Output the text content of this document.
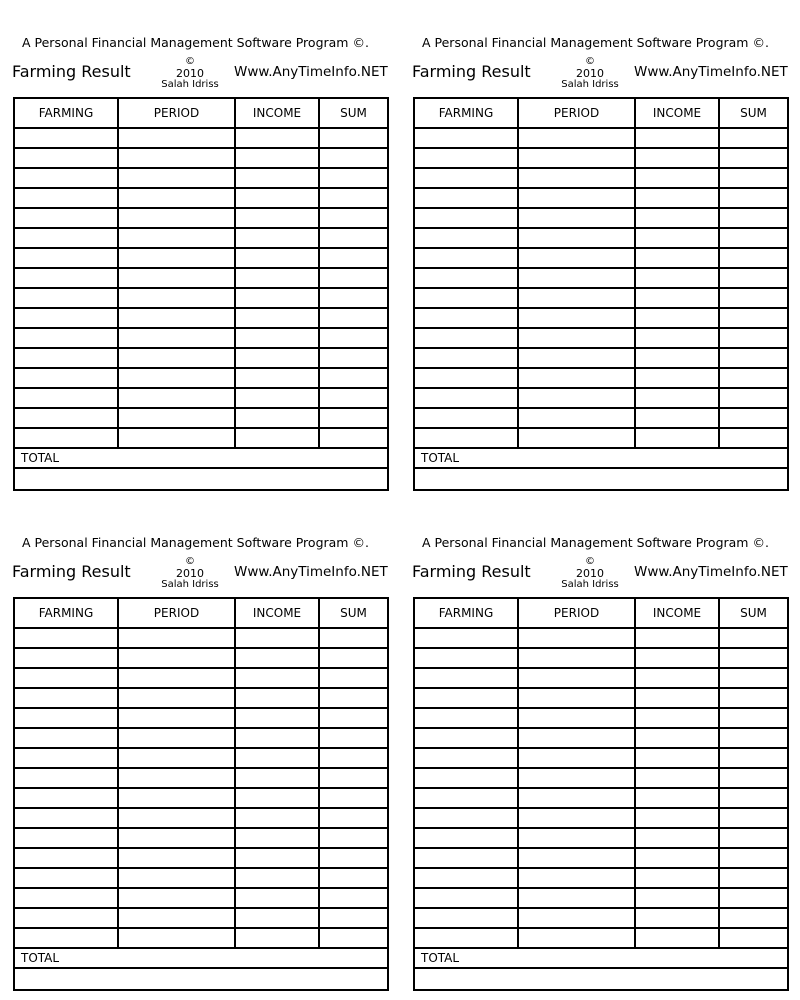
A Personal Financial Management Software Program ©.
Farming Result
©
2010
Salah Idriss
Www.AnyTimeInfo.NET
FARMING	PERIOD	INCOME	SUM
TOTAL
A Personal Financial Management Software Program ©.
Farming Result
©
2010
Salah Idriss
Www.AnyTimeInfo.NET
FARMING	PERIOD	INCOME	SUM
TOTAL
A Personal Financial Management Software Program ©.
Farming Result
©
2010
Salah Idriss
Www.AnyTimeInfo.NET
FARMING	PERIOD	INCOME	SUM
TOTAL
A Personal Financial Management Software Program ©.
Farming Result
©
2010
Salah Idriss
Www.AnyTimeInfo.NET
FARMING	PERIOD	INCOME	SUM
TOTAL
